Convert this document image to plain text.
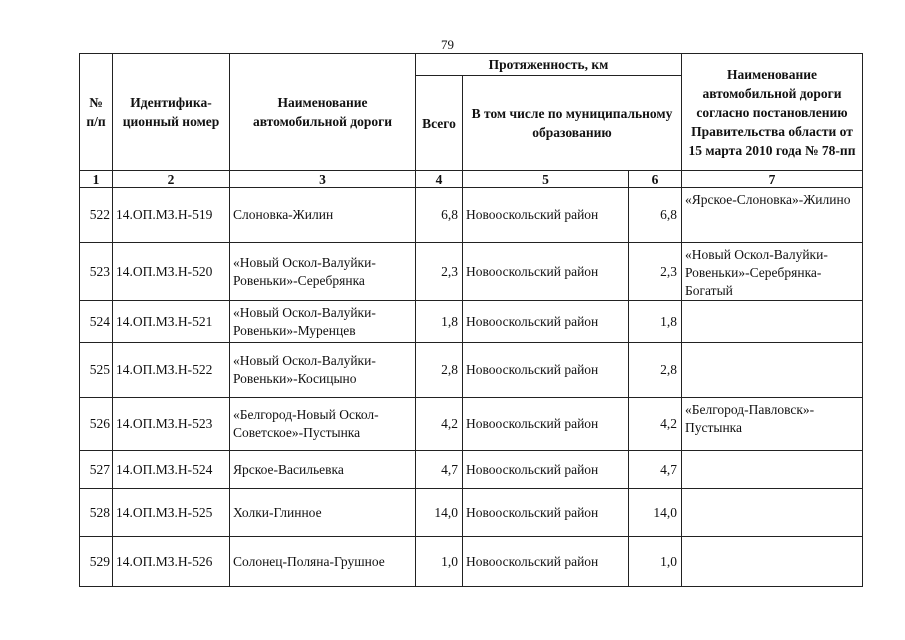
79
№ п/п	Идентифика-ционный номер	Наименование автомобильной дороги	Протяженность, км			Наименование автомобильной дороги согласно постановлению Правительства области от 15 марта 2010 года № 78-пп
			Всего	В том числе по муниципальному образованию		
1	2	3	4	5	6	7
522	14.ОП.МЗ.Н-519	Слоновка-Жилин	6,8	Новооскольский район	6,8	«Ярское-Слоновка»-Жилино
523	14.ОП.МЗ.Н-520	«Новый Оскол-Валуйки-Ровеньки»-Серебрянка	2,3	Новооскольский район	2,3	«Новый Оскол-Валуйки-Ровеньки»-Серебрянка-Богатый
524	14.ОП.МЗ.Н-521	«Новый Оскол-Валуйки-Ровеньки»-Муренцев	1,8	Новооскольский район	1,8	
525	14.ОП.МЗ.Н-522	«Новый Оскол-Валуйки-Ровеньки»-Косицыно	2,8	Новооскольский район	2,8	
526	14.ОП.МЗ.Н-523	«Белгород-Новый Оскол-Советское»-Пустынка	4,2	Новооскольский район	4,2	«Белгород-Павловск»-Пустынка
527	14.ОП.МЗ.Н-524	Ярское-Васильевка	4,7	Новооскольский район	4,7	
528	14.ОП.МЗ.Н-525	Холки-Глинное	14,0	Новооскольский район	14,0	
529	14.ОП.МЗ.Н-526	Солонец-Поляна-Грушное	1,0	Новооскольский район	1,0	
